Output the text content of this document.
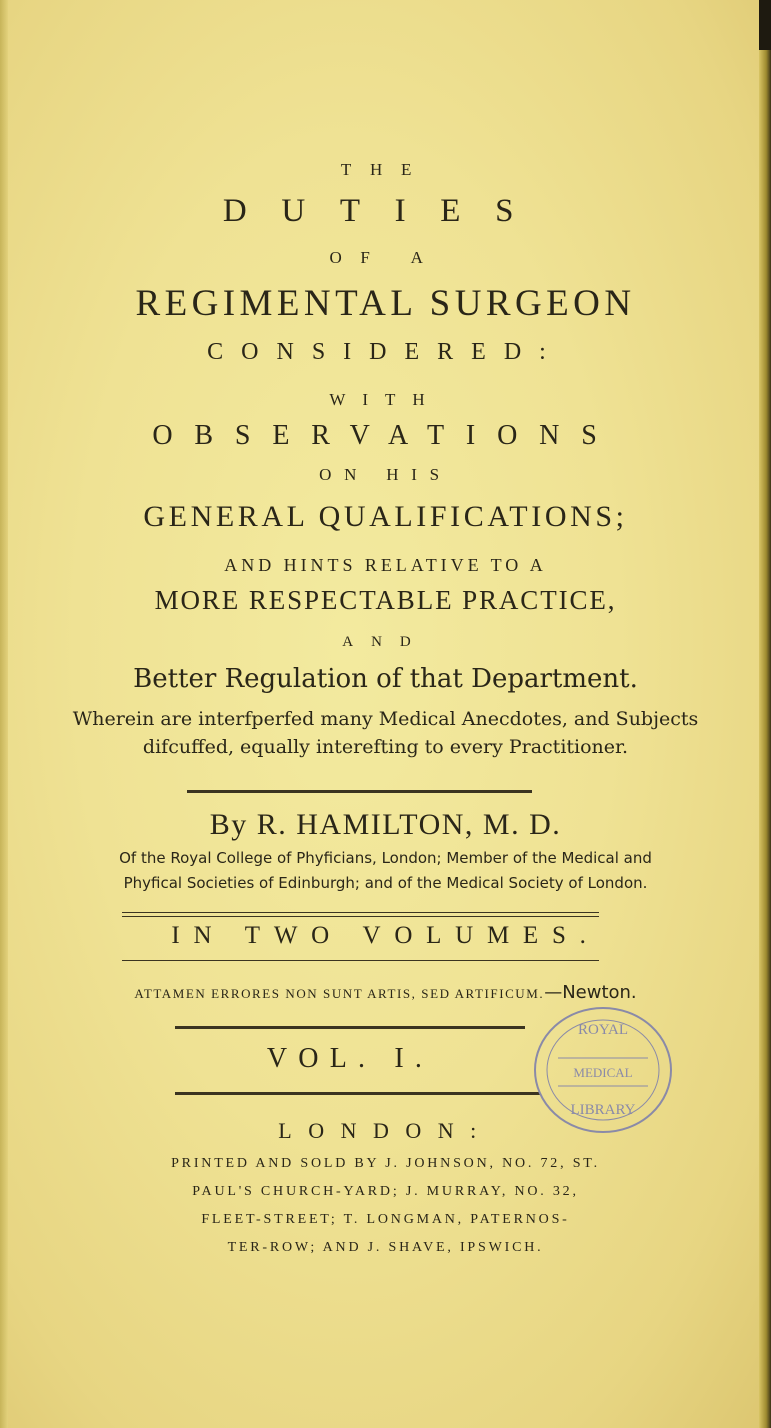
THE
DUTIES
OF A
REGIMENTAL SURGEON
CONSIDERED:
WITH
OBSERVATIONS
ON HIS
GENERAL QUALIFICATIONS;
AND HINTS RELATIVE TO A
MORE RESPECTABLE PRACTICE,
AND
Better Regulation of that Department.
Wherein are interfperfed many Medical Anecdotes, and Subjects
difcuffed, equally interefting to every Practitioner.
By R. HAMILTON, M. D.
Of the Royal College of Phyficians, London; Member of the Medical and
Phyfical Societies of Edinburgh; and of the Medical Society of London.
IN TWO VOLUMES.
ATTAMEN ERRORES NON SUNT ARTIS, SED ARTIFICUM.—Newton.
VOL. I.
LONDON:
PRINTED AND SOLD BY J. JOHNSON, NO. 72, ST.
PAUL'S CHURCH-YARD; J. MURRAY, NO. 32,
FLEET-STREET; T. LONGMAN, PATERNOS-
TER-ROW; AND J. SHAVE, IPSWICH.
ROYAL
MEDICAL
LIBRARY
